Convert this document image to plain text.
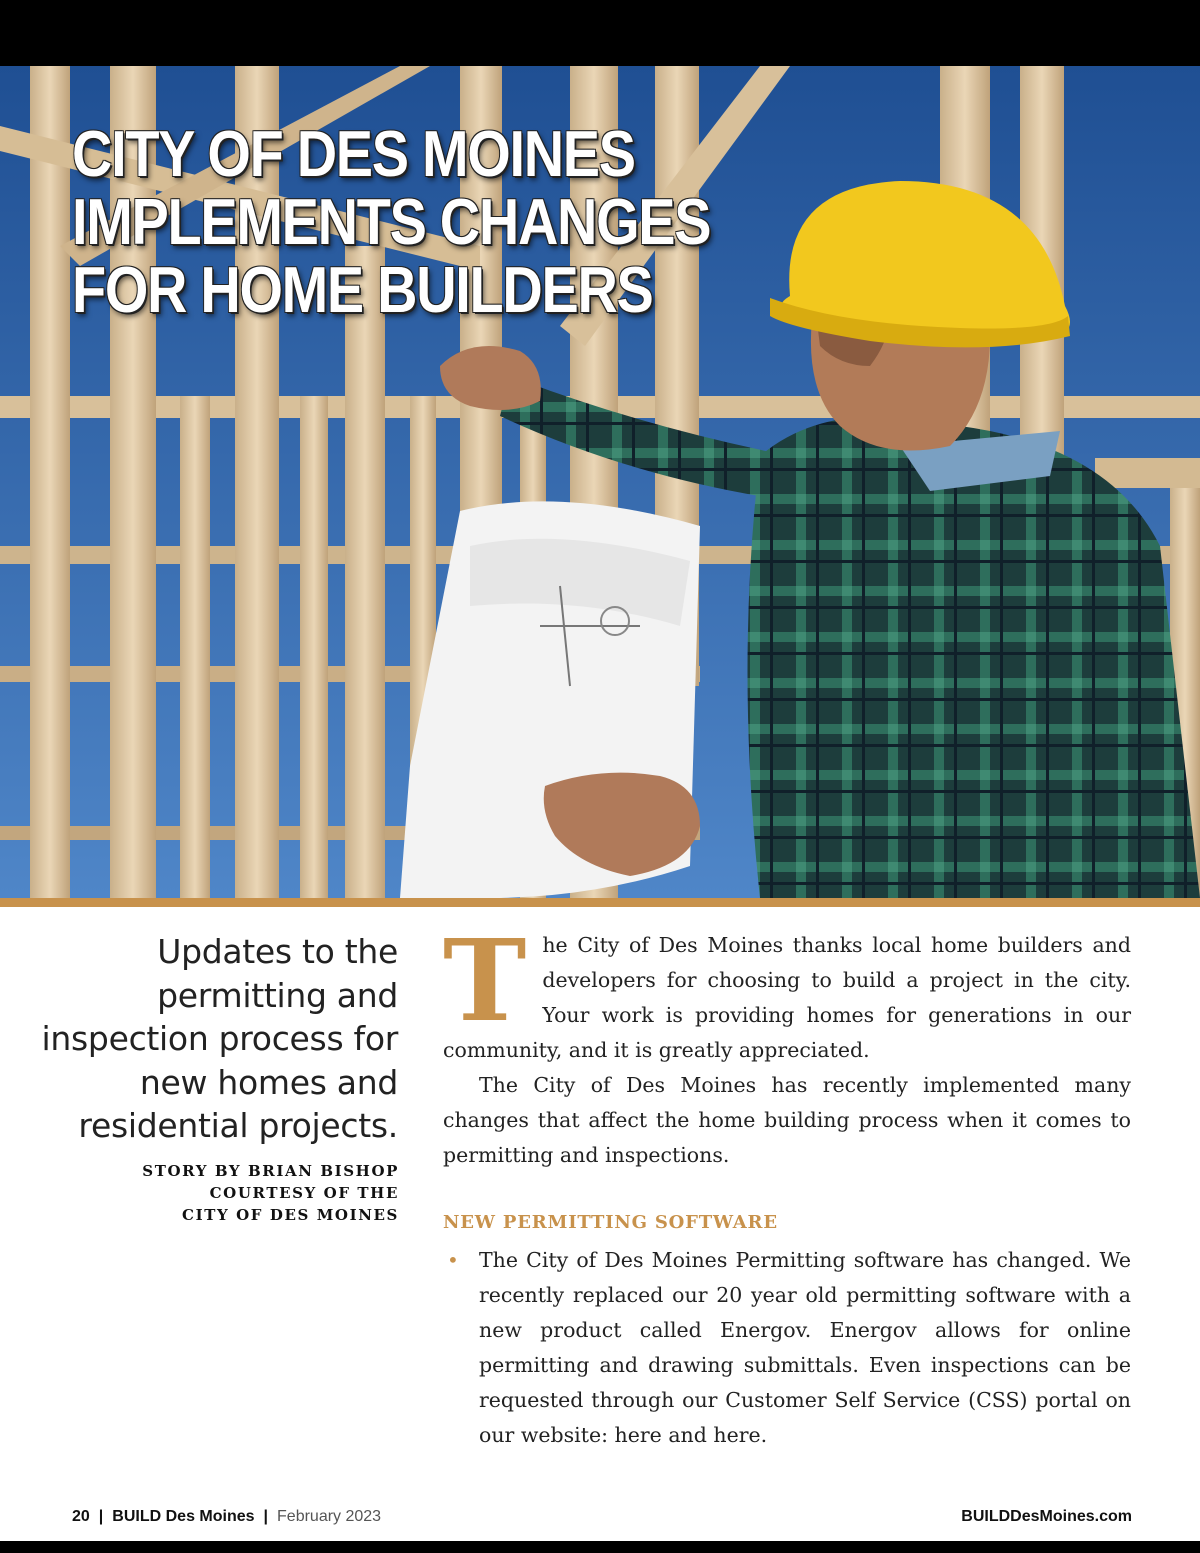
CITY OF DES MOINES
IMPLEMENTS CHANGES
FOR HOME BUILDERS
Updates to the permitting and inspection process for new homes and residential projects.
STORY BY BRIAN BISHOP
COURTESY OF THE
CITY OF DES MOINES

The City of Des Moines thanks local home builders and developers for choosing to build a project in the city. Your work is providing homes for generations in our community, and it is greatly appreciated.

The City of Des Moines has recently implemented many changes that affect the home building process when it comes to permitting and inspections.

NEW PERMITTING SOFTWARE
• The City of Des Moines Permitting software has changed. We recently replaced our 20 year old permitting software with a new product called Energov. Energov allows for online permitting and drawing submittals. Even inspections can be requested through our Customer Self Service (CSS) portal on our website: here and here.
20 | BUILD Des Moines | February 2023	BUILDDesMoines.com
